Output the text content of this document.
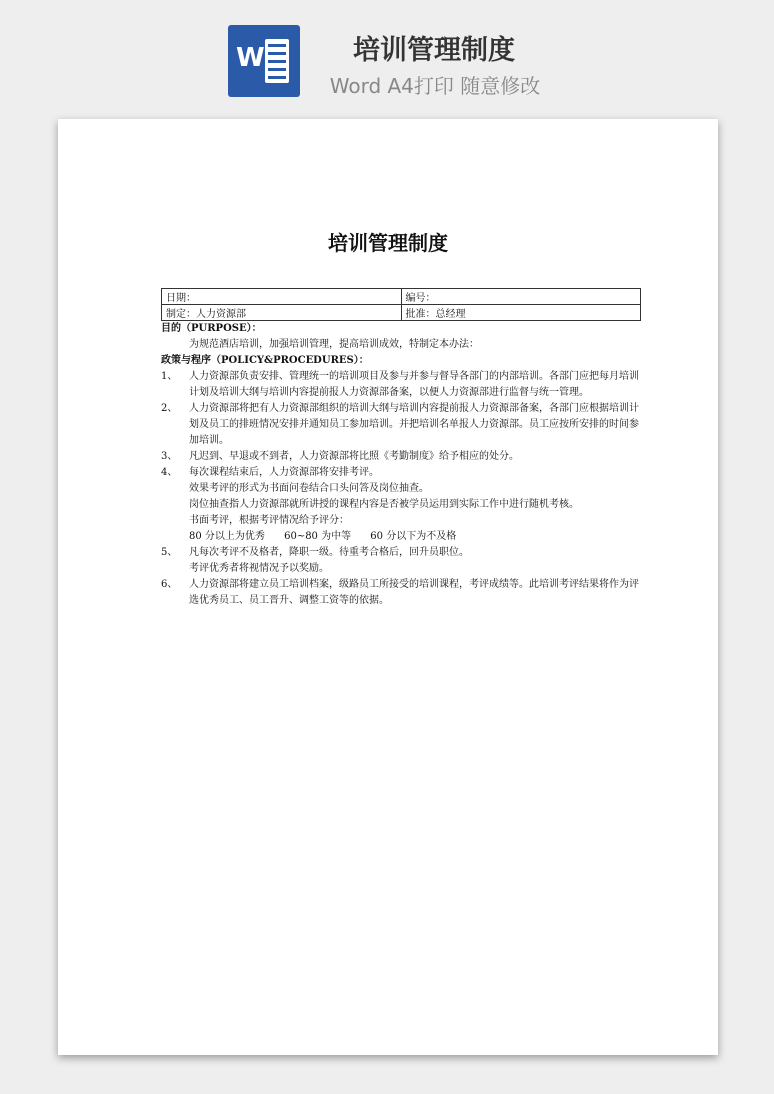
W	培训管理制度
Word A4打印 随意修改
培训管理制度
日期：	编号：
制定：人力资源部	批准：总经理
目的（PURPOSE）：
为规范酒店培训，加强培训管理，提高培训成效，特制定本办法：
政策与程序（POLICY&PROCEDURES）：
1、	人力资源部负责安排、管理统一的培训项目及参与并参与督导各部门的内部培训。各部门应把每月培训计划及培训大纲与培训内容提前报人力资源部备案，以便人力资源部进行监督与统一管理。
2、	人力资源部将把有人力资源部组织的培训大纲与培训内容提前报人力资源部备案，各部门应根据培训计划及员工的排班情况安排并通知员工参加培训。并把培训名单报人力资源部。员工应按所安排的时间参加培训。
3、	凡迟到、早退或不到者，人力资源部将比照《考勤制度》给予相应的处分。
4、	每次课程结束后，人力资源部将安排考评。
效果考评的形式为书面问卷结合口头问答及岗位抽查。
岗位抽查指人力资源部就所讲授的课程内容是否被学员运用到实际工作中进行随机考核。
书面考评，根据考评情况给予评分：
80 分以上为优秀 60~80 为中等 60 分以下为不及格
5、	凡每次考评不及格者，降职一级。待重考合格后，回升员职位。
考评优秀者将视情况予以奖励。
6、	人力资源部将建立员工培训档案，级路员工所接受的培训课程，考评成绩等。此培训考评结果将作为评选优秀员工、员工晋升、调整工资等的依据。
